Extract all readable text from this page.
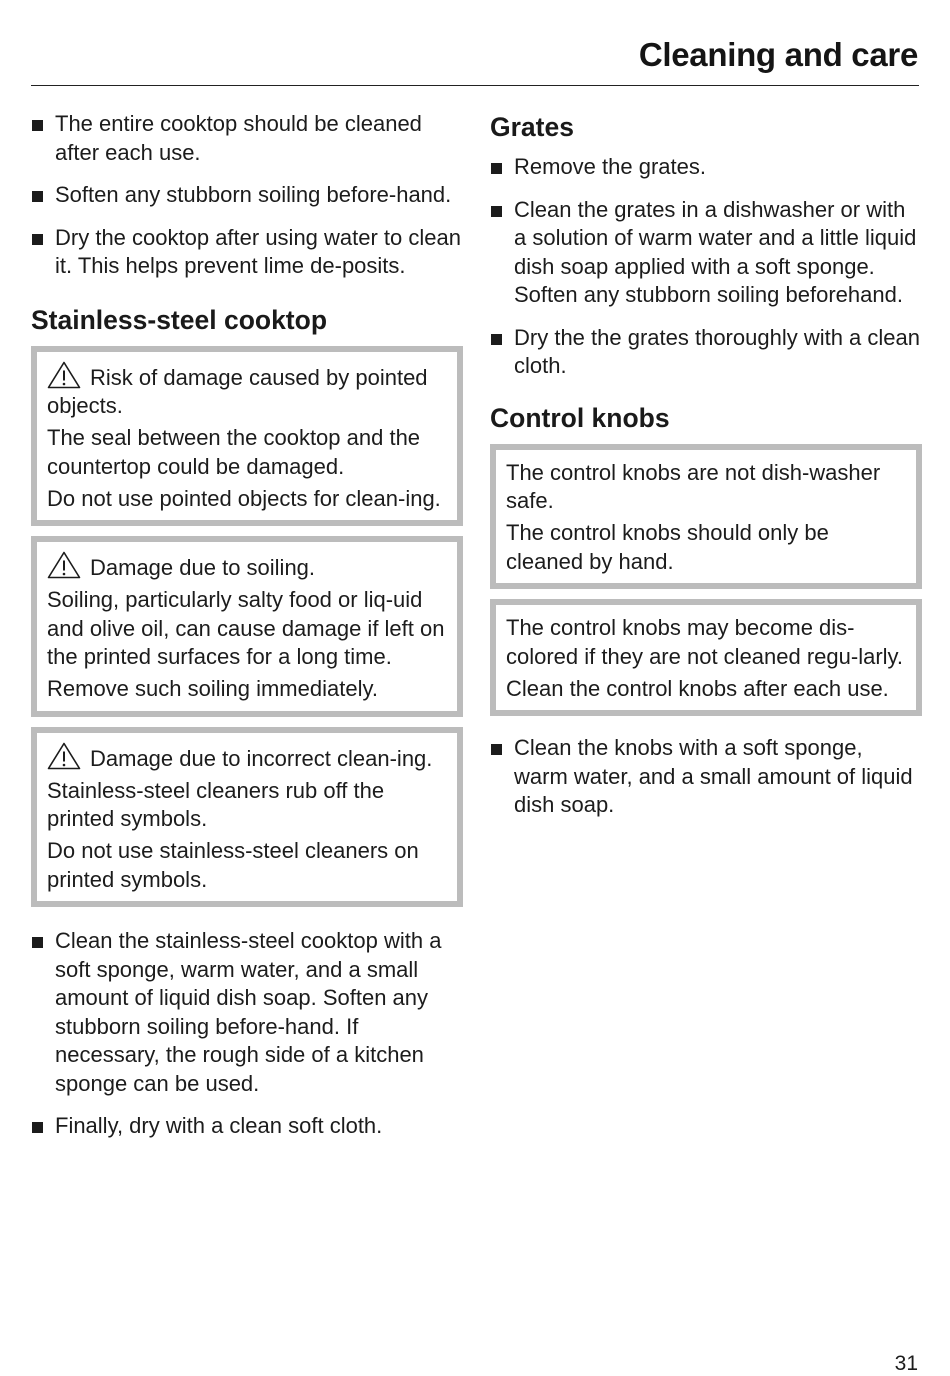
Cleaning and care
The entire cooktop should be cleaned after each use.
Soften any stubborn soiling before-hand.
Dry the cooktop after using water to clean it. This helps prevent lime de-posits.
Stainless-steel cooktop

Risk of damage caused by pointed objects.

The seal between the cooktop and the countertop could be damaged.

Do not use pointed objects for clean-ing.

Damage due to soiling.

Soiling, particularly salty food or liq-uid and olive oil, can cause damage if left on the printed surfaces for a long time.

Remove such soiling immediately.

Damage due to incorrect clean-ing.

Stainless-steel cleaners rub off the printed symbols.

Do not use stainless-steel cleaners on printed symbols.

Clean the stainless-steel cooktop with a soft sponge, warm water, and a small amount of liquid dish soap. Soften any stubborn soiling before-hand. If necessary, the rough side of a kitchen sponge can be used.
Finally, dry with a clean soft cloth.
Grates
Remove the grates.
Clean the grates in a dishwasher or with a solution of warm water and a little liquid dish soap applied with a soft sponge. Soften any stubborn soiling beforehand.
Dry the the grates thoroughly with a clean cloth.
Control knobs

The control knobs are not dish-washer safe.

The control knobs should only be cleaned by hand.

The control knobs may become dis-colored if they are not cleaned regu-larly.

Clean the control knobs after each use.

Clean the knobs with a soft sponge, warm water, and a small amount of liquid dish soap.
31
